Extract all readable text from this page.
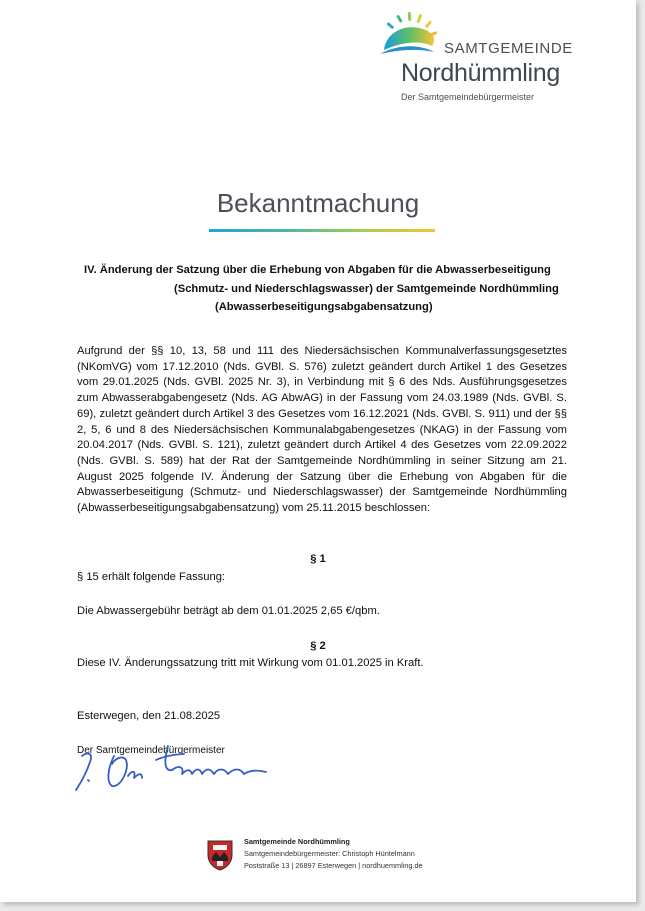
SAMTGEMEINDE
Nordhümmling
Der Samtgemeindebürgermeister
Bekanntmachung
IV. Änderung der Satzung über die Erhebung von Abgaben für die Abwasserbeseitigung
(Schmutz- und Niederschlagswasser) der Samtgemeinde Nordhümmling
(Abwasserbeseitigungsabgabensatzung)
Aufgrund der §§ 10, 13, 58 und 111 des Niedersächsischen Kommunalverfassungsgesetztes (NKomVG) vom 17.12.2010 (Nds. GVBl. S. 576) zuletzt geändert durch Artikel 1 des Gesetzes vom 29.01.2025 (Nds. GVBl. 2025 Nr. 3), in Verbindung mit § 6 des Nds. Ausführungsgesetzes zum Abwasserabgabengesetz (Nds. AG AbwAG) in der Fassung vom 24.03.1989 (Nds. GVBl. S. 69), zuletzt geändert durch Artikel 3 des Gesetzes vom 16.12.2021 (Nds. GVBl. S. 911) und der §§ 2, 5, 6 und 8 des Niedersächsischen Kommunalabgabengesetzes (NKAG) in der Fassung vom 20.04.2017 (Nds. GVBl. S. 121), zuletzt geändert durch Artikel 4 des Gesetzes vom 22.09.2022 (Nds. GVBl. S. 589) hat der Rat der Samtgemeinde Nordhümmling in seiner Sitzung am 21. August 2025 folgende IV. Änderung der Satzung über die Erhebung von Abgaben für die Abwasserbeseitigung (Schmutz- und Niederschlagswasser) der Samtgemeinde Nordhümmling (Abwasserbeseitigungsabgabensatzung) vom 25.11.2015 beschlossen:
§ 1
§ 15 erhält folgende Fassung:
Die Abwassergebühr beträgt ab dem 01.01.2025 2,65 €/qbm.
§ 2
Diese IV. Änderungssatzung tritt mit Wirkung vom 01.01.2025 in Kraft.
Esterwegen, den 21.08.2025
Der Samtgemeindebürgermeister
Samtgemeinde Nordhümmling
Samtgemeindebürgermeister: Christoph Hüntelmann
Poststraße 13 | 26897 Esterwegen | nordhuemmling.de
